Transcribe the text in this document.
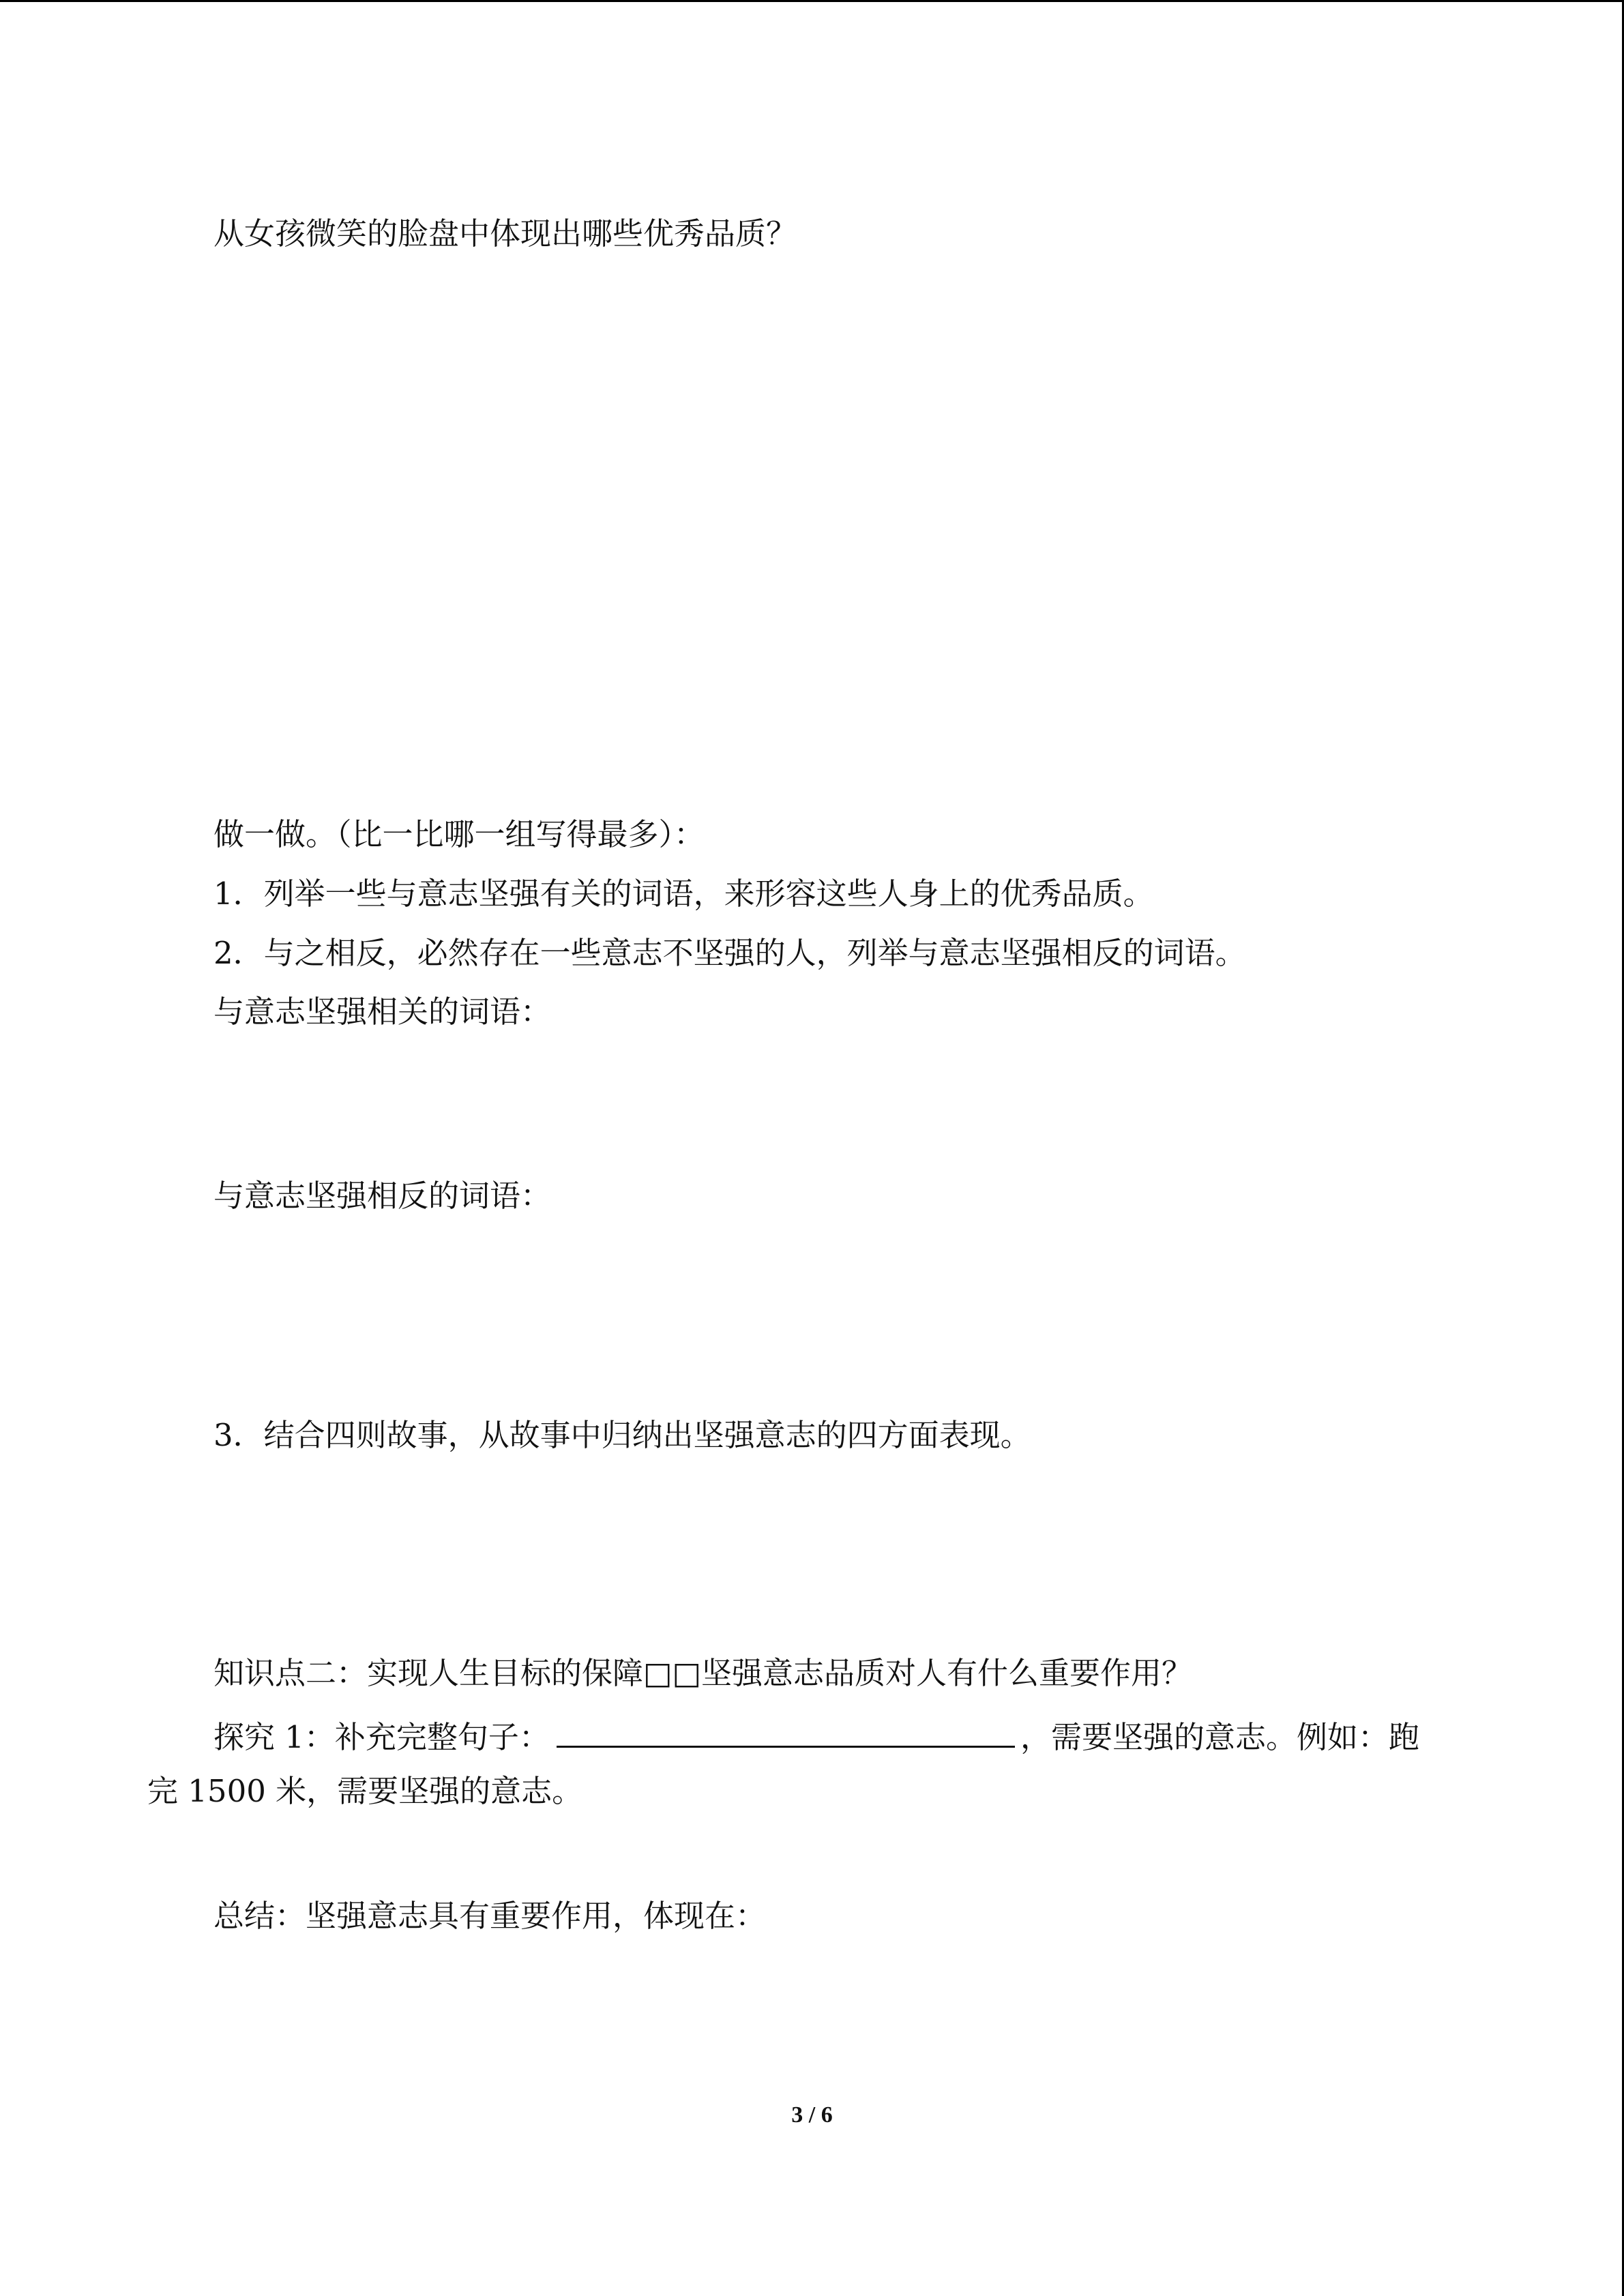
从女孩微笑的脸盘中体现出哪些优秀品质？

做一做。（比一比哪一组写得最多）：

1．列举一些与意志坚强有关的词语，来形容这些人身上的优秀品质。

2．与之相反，必然存在一些意志不坚强的人，列举与意志坚强相反的词语。

与意志坚强相关的词语：

与意志坚强相反的词语：

3．结合四则故事，从故事中归纳出坚强意志的四方面表现。

知识点二：实现人生目标的保障□□坚强意志品质对人有什么重要作用？

探究 1：补充完整句子：	，需要坚强的意志。例如：跑

完 1500 米，需要坚强的意志。

总结：坚强意志具有重要作用，体现在：

3 / 6
